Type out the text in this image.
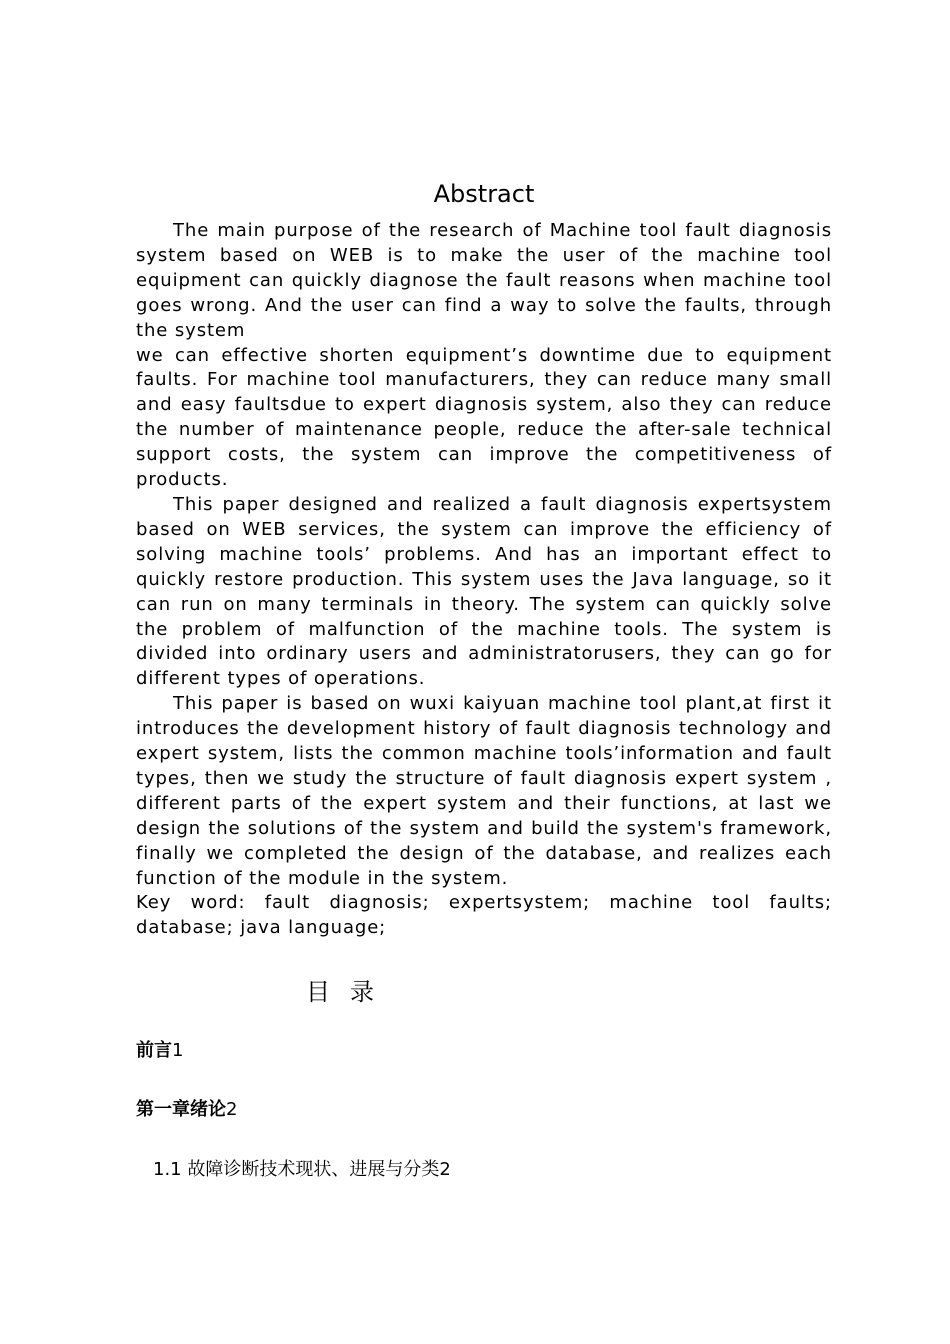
Abstract

The main purpose of the research of Machine tool fault diagnosis system based on WEB is to make the user of the machine tool equipment can quickly diagnose the fault reasons when machine tool goes wrong. And the user can find a way to solve the faults, through the system

we can effective shorten equipment’s downtime due to equipment faults. For machine tool manufacturers, they can reduce many small and easy faultsdue to expert diagnosis system, also they can reduce the number of maintenance people, reduce the after-sale technical support costs, the system can improve the competitiveness of products.

This paper designed and realized a fault diagnosis expertsystem based on WEB services, the system can improve the efficiency of solving machine tools’ problems. And has an important effect to quickly restore production. This system uses the Java language, so it can run on many terminals in theory. The system can quickly solve the problem of malfunction of the machine tools. The system is divided into ordinary users and administratorusers, they can go for different types of operations.

This paper is based on wuxi kaiyuan machine tool plant,at first it introduces the development history of fault diagnosis technology and expert system, lists the common machine tools’information and fault types, then we study the structure of fault diagnosis expert system , different parts of the expert system and their functions, at last we design the solutions of the system and build the system's framework, finally we completed the design of the database, and realizes each function of the module in the system.

Key word: fault diagnosis; expertsystem; machine tool faults; database; java language;

目录
前言1
第一章绪论2
1.1 故障诊断技术现状、进展与分类2
